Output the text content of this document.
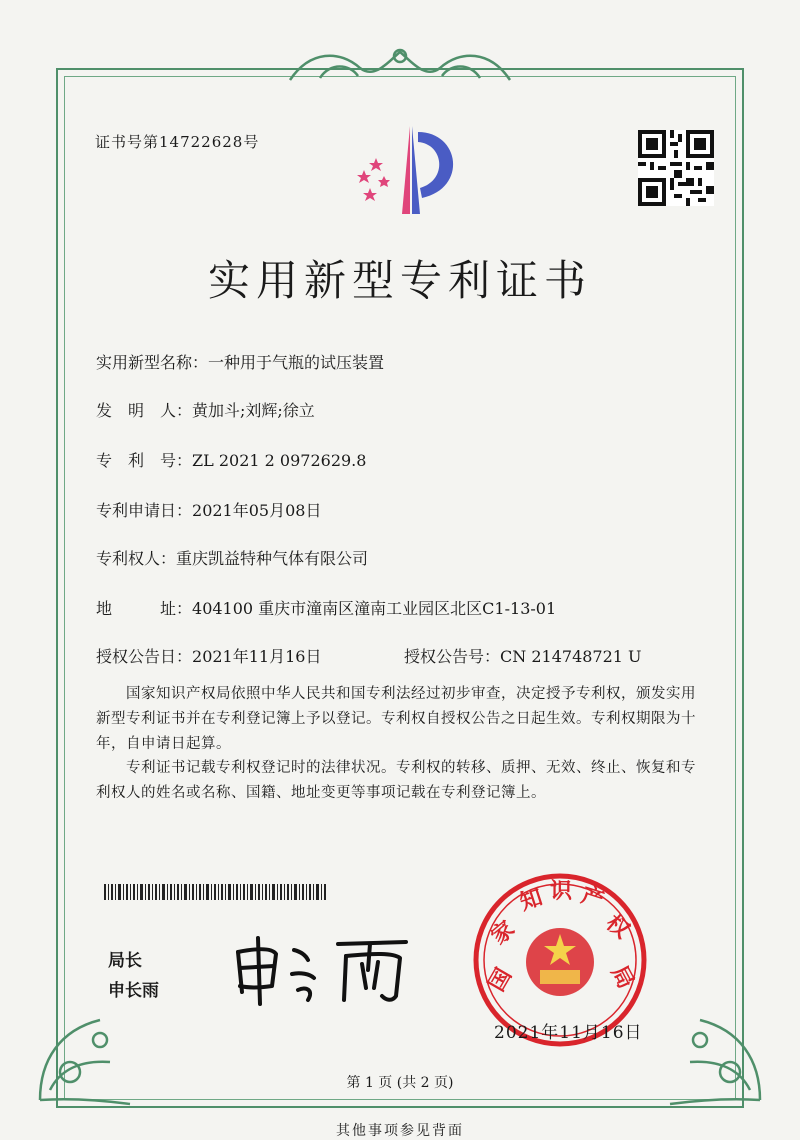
证书号第14722628号
实用新型专利证书
实用新型名称：一种用于气瓶的试压装置
发　明　人：黄加斗;刘辉;徐立
专　利　号：ZL 2021 2 0972629.8
专利申请日：2021年05月08日
专利权人：重庆凯益特种气体有限公司
地　　　址：404100 重庆市潼南区潼南工业园区北区C1-13-01
授权公告日：2021年11月16日	授权公告号：CN 214748721 U
国家知识产权局依照中华人民共和国专利法经过初步审查，决定授予专利权，颁发实用新型专利证书并在专利登记簿上予以登记。专利权自授权公告之日起生效。专利权期限为十年，自申请日起算。
专利证书记载专利权登记时的法律状况。专利权的转移、质押、无效、终止、恢复和专利权人的姓名或名称、国籍、地址变更等事项记载在专利登记簿上。
局长
申长雨	国
家
知 识 产
权
局
2021年11月16日
第 1 页 (共 2 页)
其他事项参见背面
